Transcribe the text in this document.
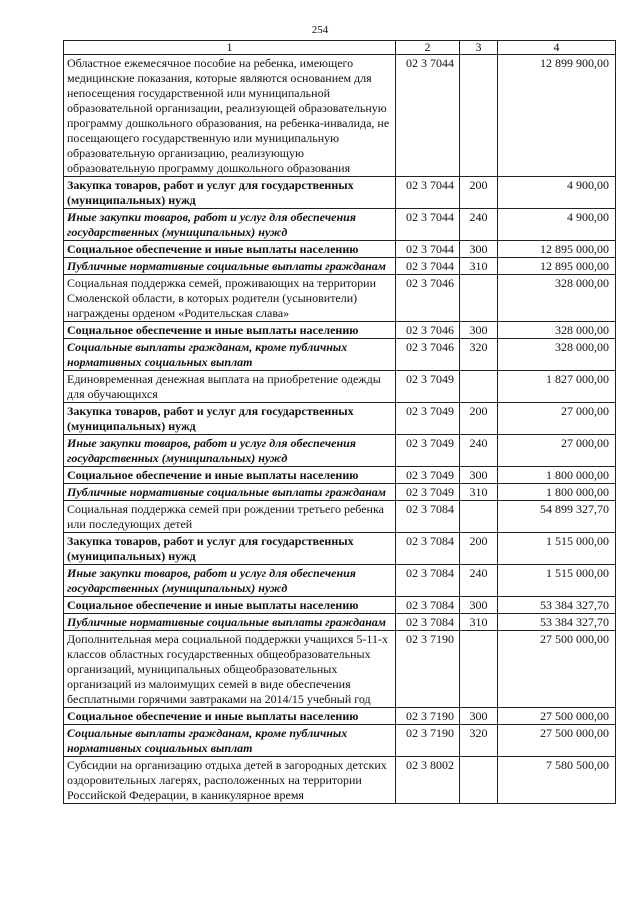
254
1	2	3	4
Областное ежемесячное пособие на ребенка, имеющего медицинские показания, которые являются основанием для непосещения государственной или муниципальной образовательной организации, реализующей образовательную программу дошкольного образования, на ребенка-инвалида, не посещающего государственную или муниципальную образовательную организацию, реализующую образовательную программу дошкольного образования	02 3 7044		12 899 900,00
Закупка товаров, работ и услуг для государственных (муниципальных) нужд	02 3 7044	200	4 900,00
Иные закупки товаров, работ и услуг для обеспечения государственных (муниципальных) нужд	02 3 7044	240	4 900,00
Социальное обеспечение и иные выплаты населению	02 3 7044	300	12 895 000,00
Публичные нормативные социальные выплаты гражданам	02 3 7044	310	12 895 000,00
Социальная поддержка семей, проживающих на территории Смоленской области, в которых родители (усыновители) награждены орденом «Родительская слава»	02 3 7046		328 000,00
Социальное обеспечение и иные выплаты населению	02 3 7046	300	328 000,00
Социальные выплаты гражданам, кроме публичных нормативных социальных выплат	02 3 7046	320	328 000,00
Единовременная денежная выплата на приобретение одежды для обучающихся	02 3 7049		1 827 000,00
Закупка товаров, работ и услуг для государственных (муниципальных) нужд	02 3 7049	200	27 000,00
Иные закупки товаров, работ и услуг для обеспечения государственных (муниципальных) нужд	02 3 7049	240	27 000,00
Социальное обеспечение и иные выплаты населению	02 3 7049	300	1 800 000,00
Публичные нормативные социальные выплаты гражданам	02 3 7049	310	1 800 000,00
Социальная поддержка семей при рождении третьего ребенка или последующих детей	02 3 7084		54 899 327,70
Закупка товаров, работ и услуг для государственных (муниципальных) нужд	02 3 7084	200	1 515 000,00
Иные закупки товаров, работ и услуг для обеспечения государственных (муниципальных) нужд	02 3 7084	240	1 515 000,00
Социальное обеспечение и иные выплаты населению	02 3 7084	300	53 384 327,70
Публичные нормативные социальные выплаты гражданам	02 3 7084	310	53 384 327,70
Дополнительная мера социальной поддержки учащихся 5-11-х классов областных государственных общеобразовательных организаций, муниципальных общеобразовательных организаций из малоимущих семей в виде обеспечения бесплатными горячими завтраками на 2014/15 учебный год	02 3 7190		27 500 000,00
Социальное обеспечение и иные выплаты населению	02 3 7190	300	27 500 000,00
Социальные выплаты гражданам, кроме публичных нормативных социальных выплат	02 3 7190	320	27 500 000,00
Субсидии на организацию отдыха детей в загородных детских оздоровительных лагерях, расположенных на территории Российской Федерации, в каникулярное время	02 3 8002		7 580 500,00
